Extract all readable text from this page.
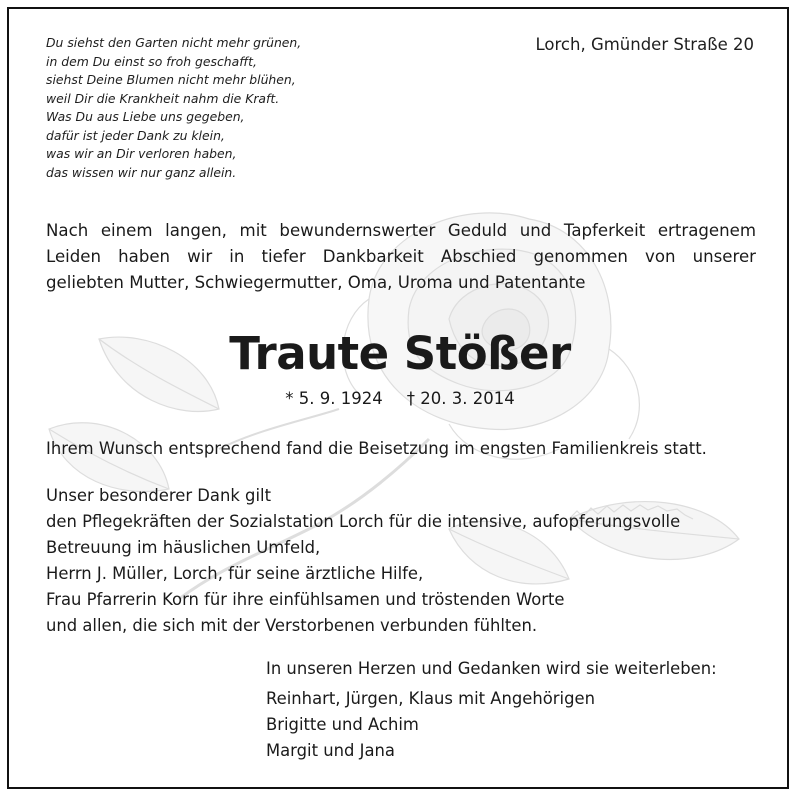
Du siehst den Garten nicht mehr grünen,
in dem Du einst so froh geschafft,
siehst Deine Blumen nicht mehr blühen,
weil Dir die Krankheit nahm die Kraft.
Was Du aus Liebe uns gegeben,
dafür ist jeder Dank zu klein,
was wir an Dir verloren haben,
das wissen wir nur ganz allein.
Lorch, Gmünder Straße 20
Nach einem langen, mit bewundernswerter Geduld und Tapferkeit ertragenem
Leiden haben wir in tiefer Dankbarkeit Abschied genommen von unserer
geliebten Mutter, Schwiegermutter, Oma, Uroma und Patentante
Traute Stößer
* 5. 9. 1924 † 20. 3. 2014
Ihrem Wunsch entsprechend fand die Beisetzung im engsten Familienkreis statt.
Unser besonderer Dank gilt
den Pflegekräften der Sozialstation Lorch für die intensive, aufopferungsvolle
Betreuung im häuslichen Umfeld,
Herrn J. Müller, Lorch, für seine ärztliche Hilfe,
Frau Pfarrerin Korn für ihre einfühlsamen und tröstenden Worte
und allen, die sich mit der Verstorbenen verbunden fühlten.
In unseren Herzen und Gedanken wird sie weiterleben:
Reinhart, Jürgen, Klaus mit Angehörigen
Brigitte und Achim
Margit und Jana
